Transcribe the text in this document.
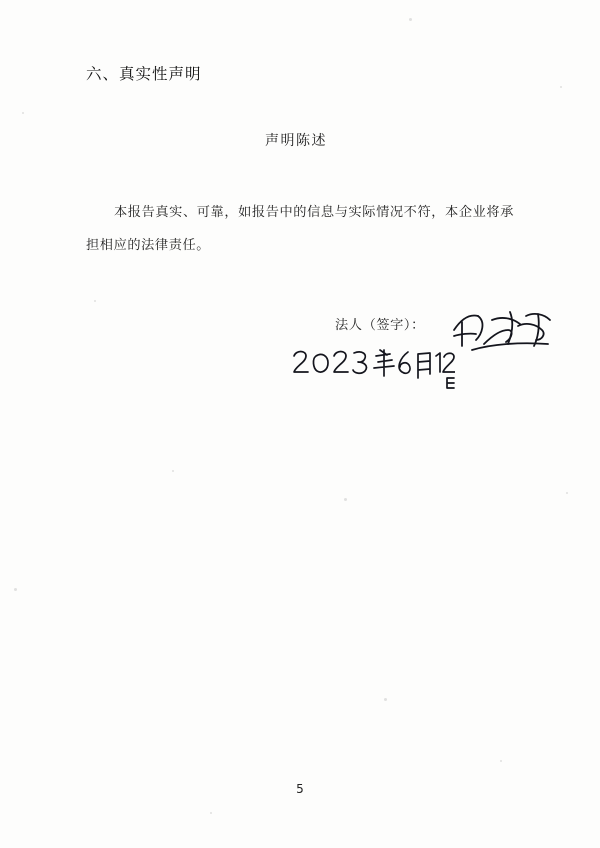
六、真实性声明
声明陈述
本报告真实、可靠，如报告中的信息与实际情况不符，本企业将承担相应的法律责任。
法人（签字）：
5
